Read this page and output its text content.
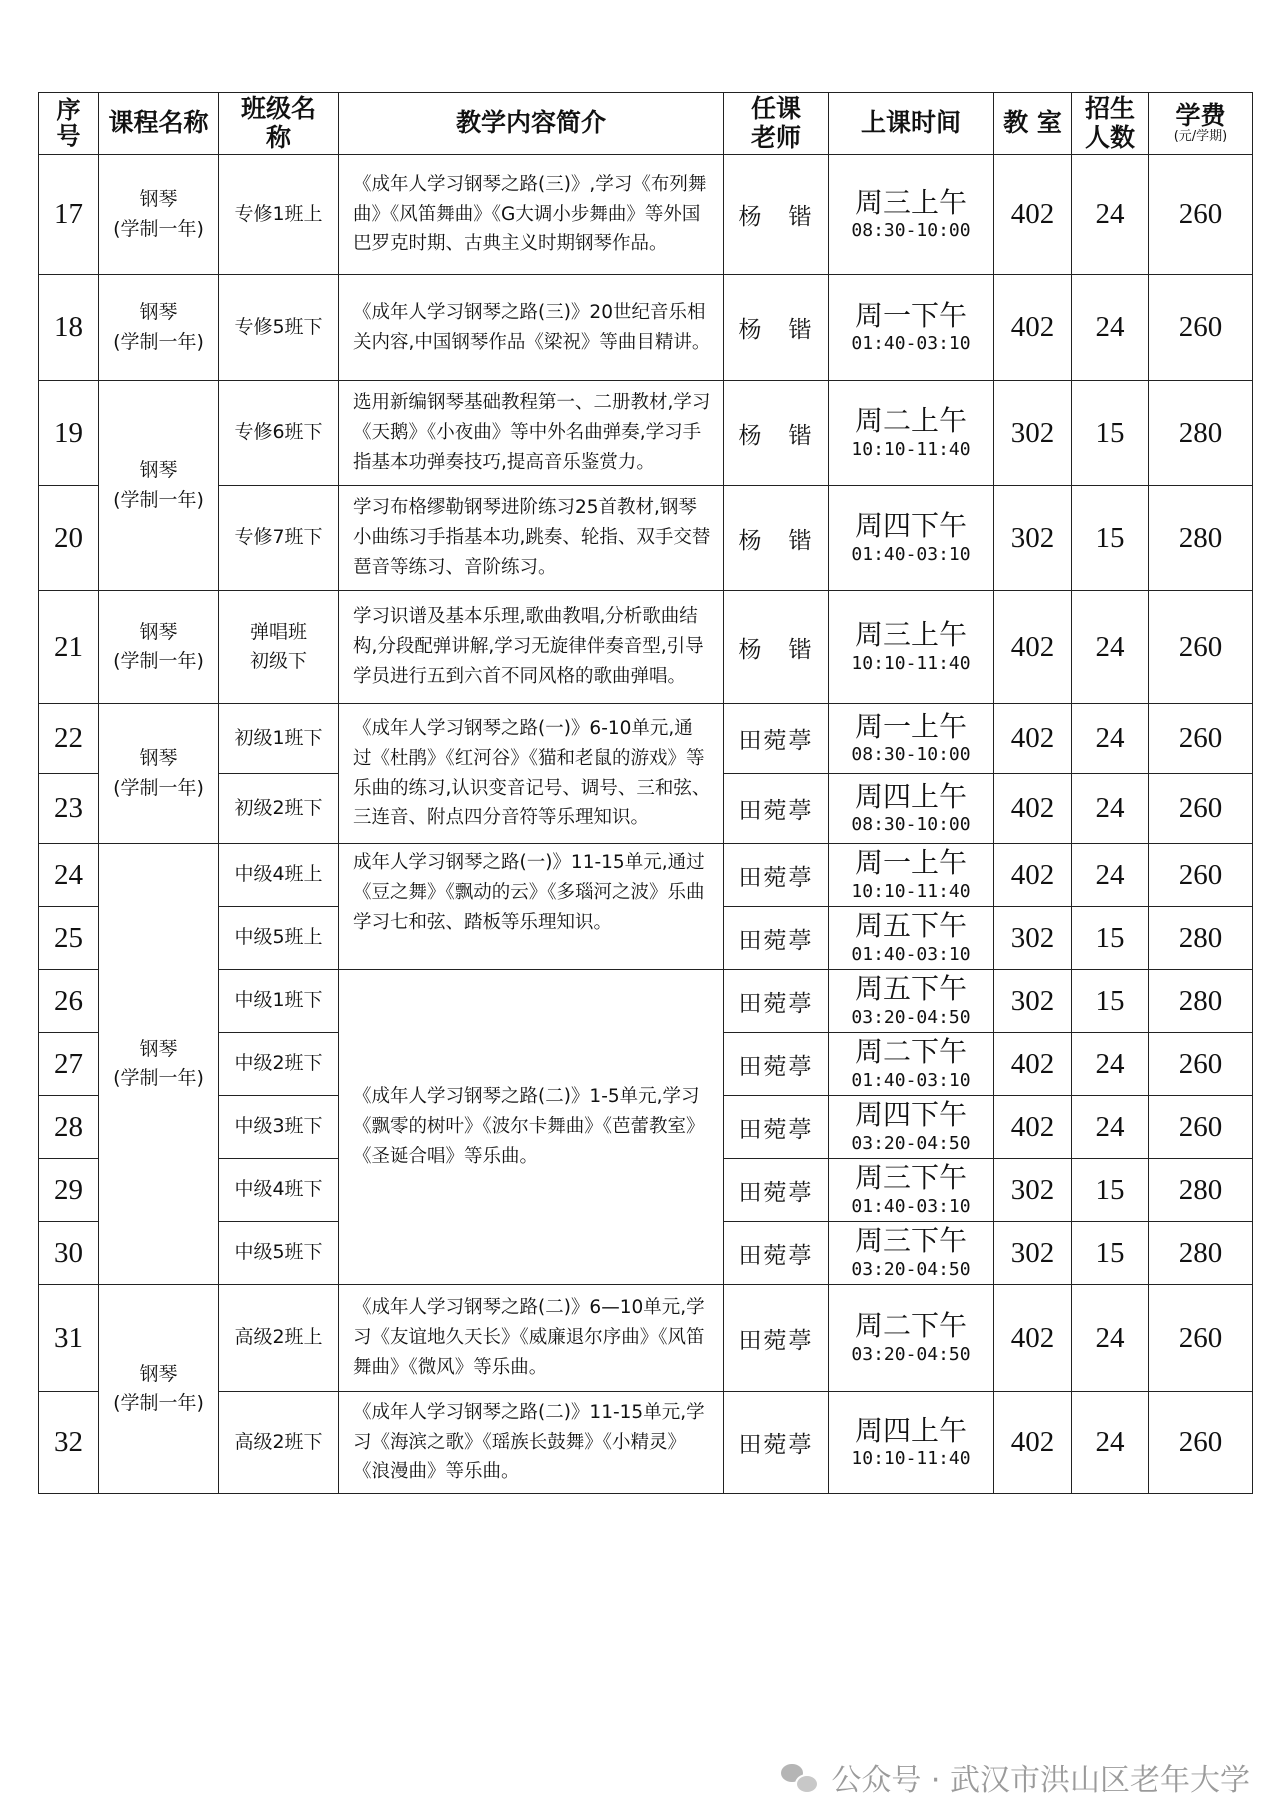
序号	课程名称	班级名称	教学内容简介	任课老师	上课时间	教 室	招生人数	学费
(元/学期)

17	钢琴
(学制一年)	专修1班上	《成年人学习钢琴之路(三)》,学习《布列舞曲》《风笛舞曲》《G大调小步舞曲》等外国巴罗克时期、古典主义时期钢琴作品。	杨　锴	周三上午
08:30-10:00	402	24	260
18	钢琴
(学制一年)	专修5班下	《成年人学习钢琴之路(三)》20世纪音乐相关内容,中国钢琴作品《梁祝》等曲目精讲。	杨　锴	周一下午
01:40-03:10	402	24	260
19	钢琴
(学制一年)	专修6班下	选用新编钢琴基础教程第一、二册教材,学习《天鹅》《小夜曲》等中外名曲弹奏,学习手指基本功弹奏技巧,提高音乐鉴赏力。	杨　锴	周二上午
10:10-11:40	302	15	280
20		专修7班下	学习布格缪勒钢琴进阶练习25首教材,钢琴小曲练习手指基本功,跳奏、轮指、双手交替琶音等练习、音阶练习。	杨　锴	周四下午
01:40-03:10	302	15	280
21	钢琴
(学制一年)	弹唱班
初级下	学习识谱及基本乐理,歌曲教唱,分析歌曲结构,分段配弹讲解,学习无旋律伴奏音型,引导学员进行五到六首不同风格的歌曲弹唱。	杨　锴	周三上午
10:10-11:40	402	24	260
22	钢琴
(学制一年)	初级1班下	《成年人学习钢琴之路(一)》6-10单元,通过《杜鹃》《红河谷》《猫和老鼠的游戏》等乐曲的练习,认识变音记号、调号、三和弦、三连音、附点四分音符等乐理知识。	田菀葶	周一上午
08:30-10:00	402	24	260
23		初级2班下		田菀葶	周四上午
08:30-10:00	402	24	260
24	钢琴
(学制一年)	中级4班上	成年人学习钢琴之路(一)》11-15单元,通过《豆之舞》《飘动的云》《多瑙河之波》乐曲学习七和弦、踏板等乐理知识。	田菀葶	周一上午
10:10-11:40	402	24	260
25		中级5班上		田菀葶	周五下午
01:40-03:10	302	15	280
26		中级1班下	《成年人学习钢琴之路(二)》1-5单元,学习《飘零的树叶》《波尔卡舞曲》《芭蕾教室》《圣诞合唱》等乐曲。	田菀葶	周五下午
03:20-04:50	302	15	280
27		中级2班下		田菀葶	周二下午
01:40-03:10	402	24	260
28		中级3班下		田菀葶	周四下午
03:20-04:50	402	24	260
29		中级4班下		田菀葶	周三下午
01:40-03:10	302	15	280
30		中级5班下		田菀葶	周三下午
03:20-04:50	302	15	280
31	钢琴
(学制一年)	高级2班上	《成年人学习钢琴之路(二)》6—10单元,学习《友谊地久天长》《威廉退尔序曲》《风笛舞曲》《微风》等乐曲。	田菀葶	周二下午
03:20-04:50	402	24	260
32		高级2班下	《成年人学习钢琴之路(二)》11-15单元,学习《海滨之歌》《瑶族长鼓舞》《小精灵》《浪漫曲》等乐曲。	田菀葶	周四上午
10:10-11:40	402	24	260
公众号 · 武汉市洪山区老年大学
